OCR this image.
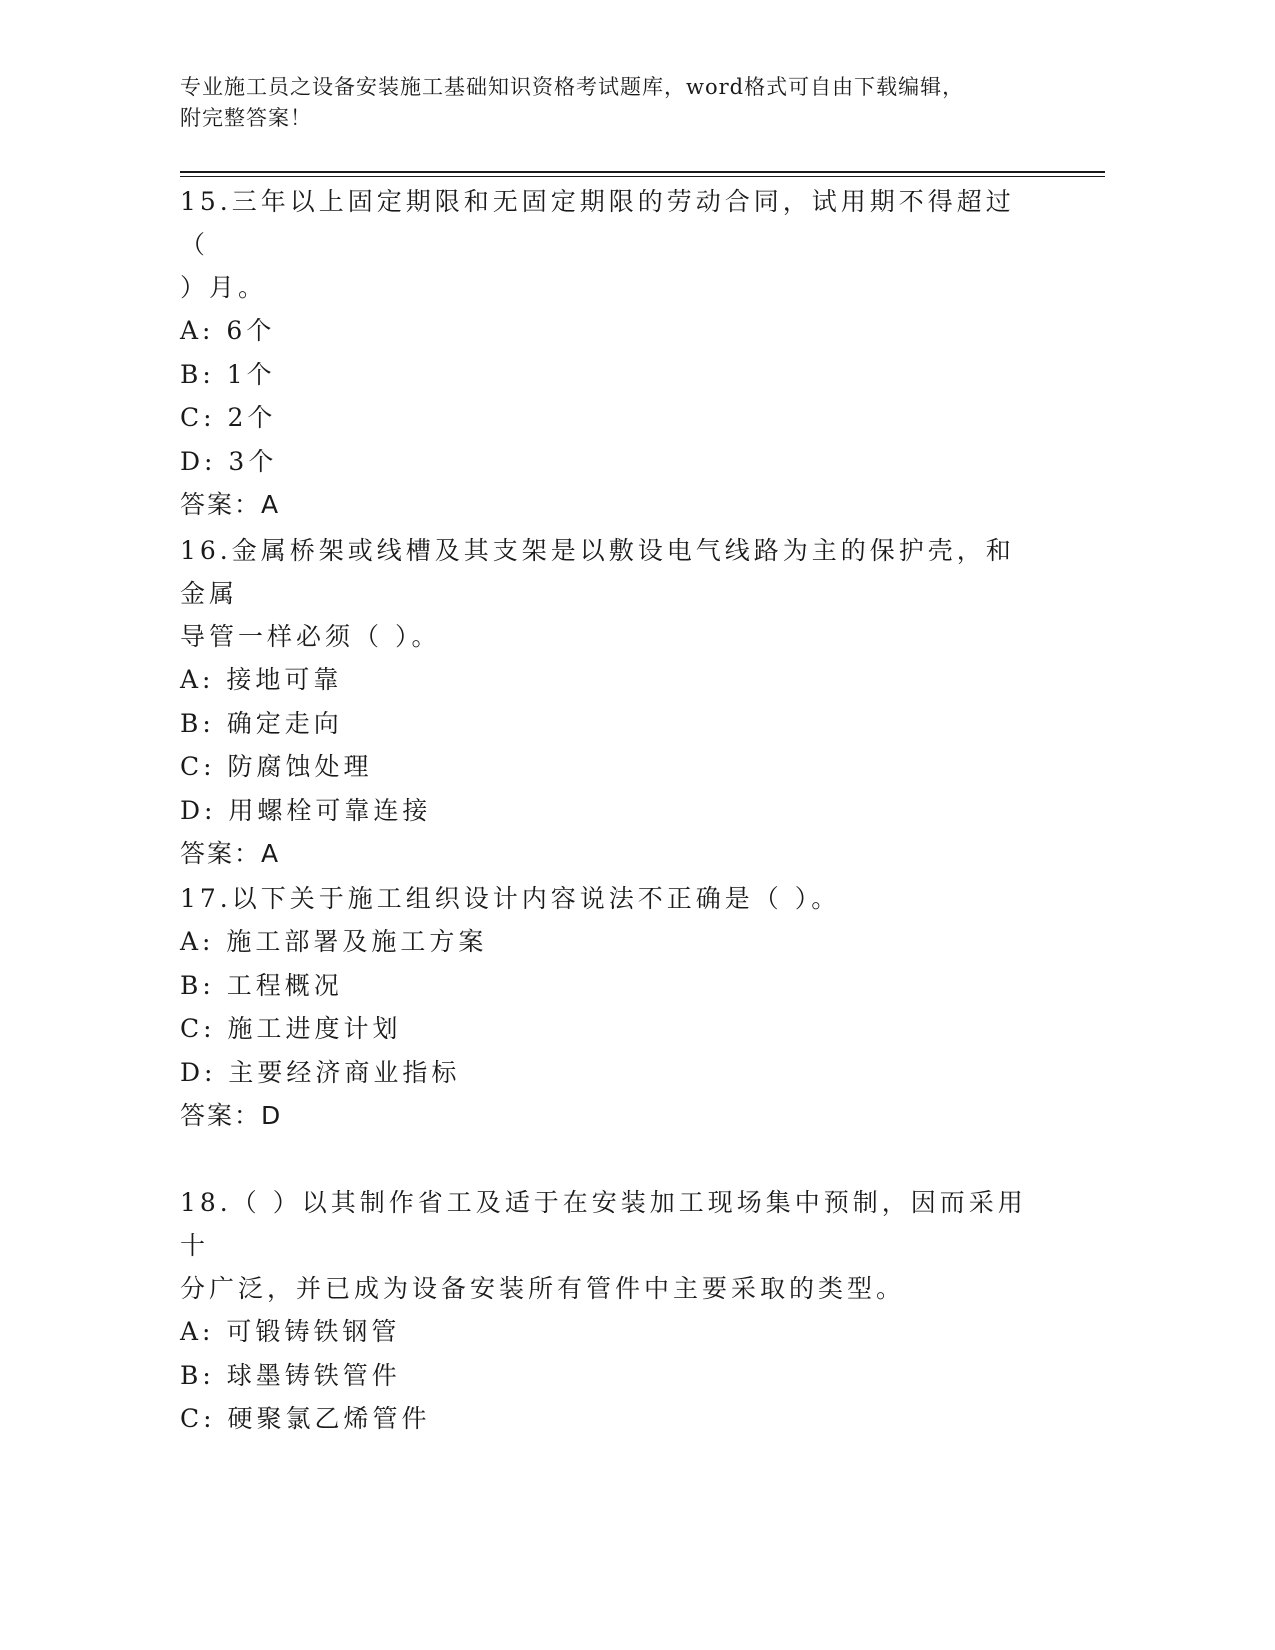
专业施工员之设备安装施工基础知识资格考试题库，word格式可自由下载编辑，
附完整答案！

15.三年以上固定期限和无固定期限的劳动合同，试用期不得超过（

）月。

A: 6个

B: 1个

C: 2个

D: 3个

答案：A

16.金属桥架或线槽及其支架是以敷设电气线路为主的保护壳，和金属

导管一样必须（ ）。

A: 接地可靠

B: 确定走向

C: 防腐蚀处理

D: 用螺栓可靠连接

答案：A

17.以下关于施工组织设计内容说法不正确是（ ）。

A: 施工部署及施工方案

B: 工程概况

C: 施工进度计划

D: 主要经济商业指标

答案：D

18.（ ）以其制作省工及适于在安装加工现场集中预制，因而采用十

分广泛，并已成为设备安装所有管件中主要采取的类型。

A: 可锻铸铁钢管

B: 球墨铸铁管件

C: 硬聚氯乙烯管件
